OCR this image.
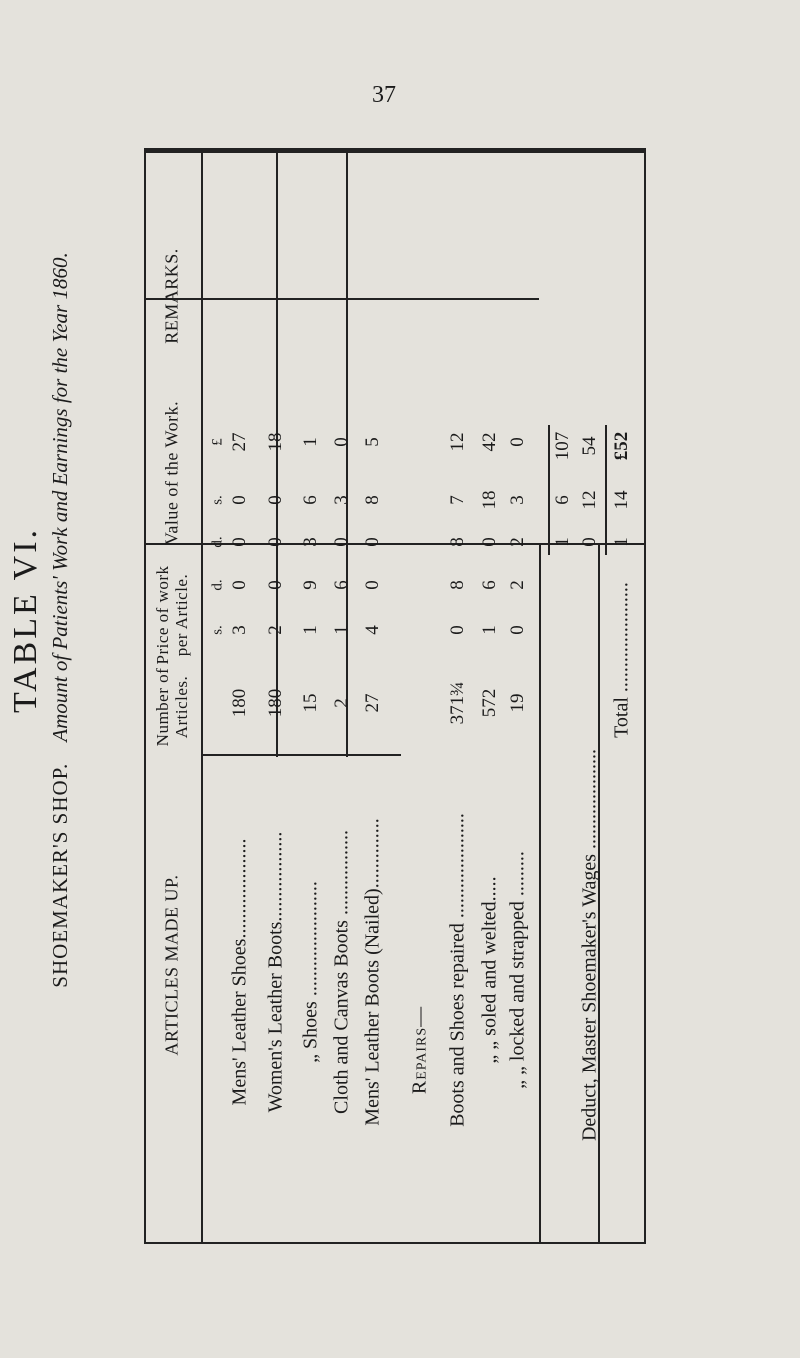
37
TABLE VI.
SHOEMAKER'S SHOP.    Amount of Patients' Work and Earnings for the Year 1860.	REMARKS.
Value of the Work.
Price of work per Article.
Number of Articles.
ARTICLES MADE UP.
£
s.
d.
s.
d.
Mens' Leather Shoes....................
180
3
0
27
0
0
Women's Leather Boots..................
180
2
0
18
0
0
„ Shoes .......................
15
1
9
1
6
3
Cloth and Canvas Boots .................
2
1
6
0
3
0
Mens' Leather Boots (Nailed)..............
27
4
0
5
8
0
Repairs— Boots and Shoes repaired .....................
371¾
0
8
12
7
8
„ „ soled and welted.....
572
1
6
42
18
0
„ „ locked and strapped .........
19
0
2
0
3
2
107
6
1
Deduct, Master Shoemaker's Wages ....................
54
12
0
Total ......................
£52
14
1
